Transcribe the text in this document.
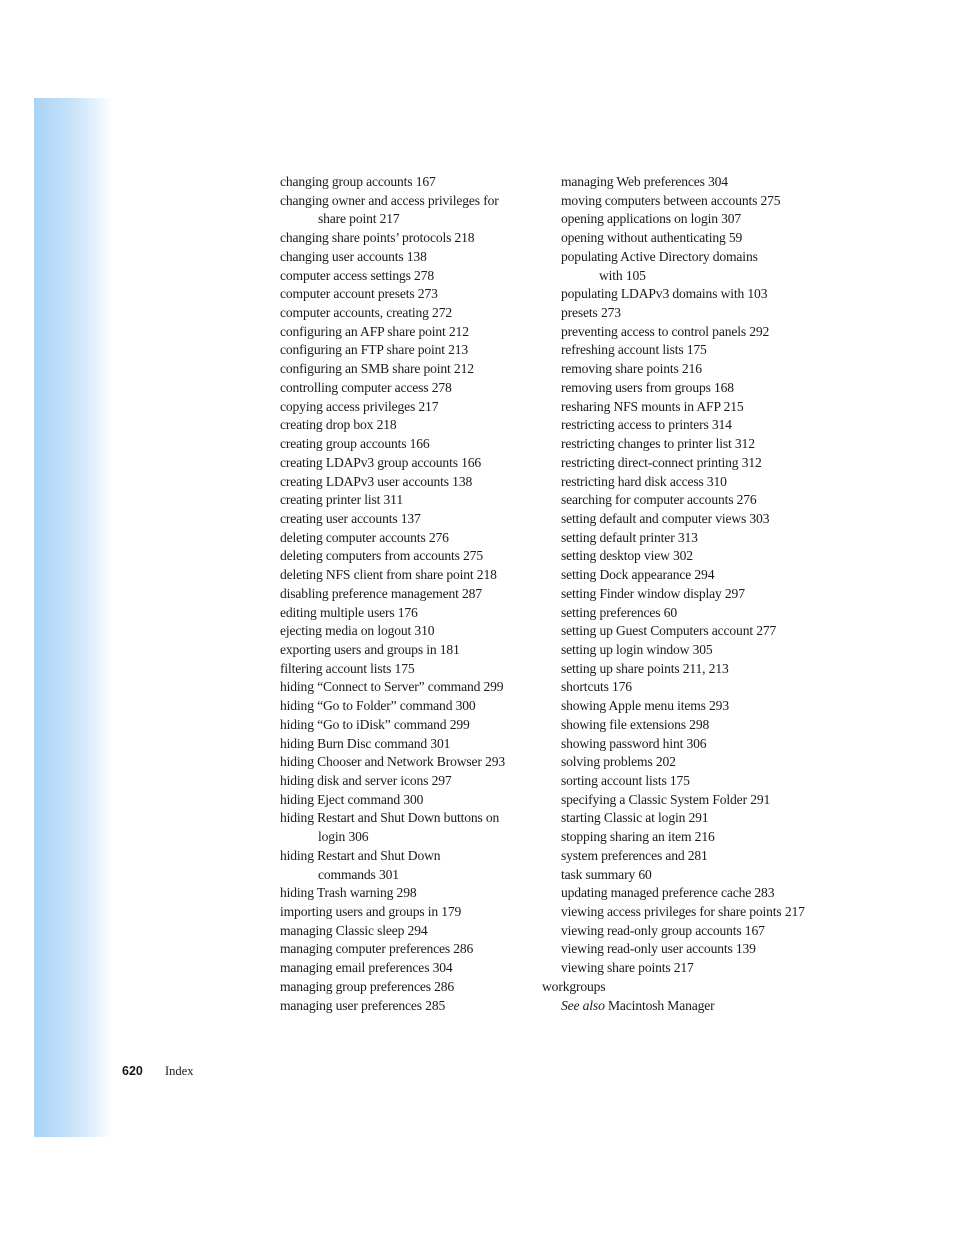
changing group accounts 167
changing owner and access privileges for
share point 217
changing share points’ protocols 218
changing user accounts 138
computer access settings 278
computer account presets 273
computer accounts, creating 272
configuring an AFP share point 212
configuring an FTP share point 213
configuring an SMB share point 212
controlling computer access 278
copying access privileges 217
creating drop box 218
creating group accounts 166
creating LDAPv3 group accounts 166
creating LDAPv3 user accounts 138
creating printer list 311
creating user accounts 137
deleting computer accounts 276
deleting computers from accounts 275
deleting NFS client from share point 218
disabling preference management 287
editing multiple users 176
ejecting media on logout 310
exporting users and groups in 181
filtering account lists 175
hiding “Connect to Server” command 299
hiding “Go to Folder” command 300
hiding “Go to iDisk” command 299
hiding Burn Disc command 301
hiding Chooser and Network Browser 293
hiding disk and server icons 297
hiding Eject command 300
hiding Restart and Shut Down buttons on
login 306
hiding Restart and Shut Down
commands 301
hiding Trash warning 298
importing users and groups in 179
managing Classic sleep 294
managing computer preferences 286
managing email preferences 304
managing group preferences 286
managing user preferences 285
managing Web preferences 304
moving computers between accounts 275
opening applications on login 307
opening without authenticating 59
populating Active Directory domains
with 105
populating LDAPv3 domains with 103
presets 273
preventing access to control panels 292
refreshing account lists 175
removing share points 216
removing users from groups 168
resharing NFS mounts in AFP 215
restricting access to printers 314
restricting changes to printer list 312
restricting direct-connect printing 312
restricting hard disk access 310
searching for computer accounts 276
setting default and computer views 303
setting default printer 313
setting desktop view 302
setting Dock appearance 294
setting Finder window display 297
setting preferences 60
setting up Guest Computers account 277
setting up login window 305
setting up share points 211, 213
shortcuts 176
showing Apple menu items 293
showing file extensions 298
showing password hint 306
solving problems 202
sorting account lists 175
specifying a Classic System Folder 291
starting Classic at login 291
stopping sharing an item 216
system preferences and 281
task summary 60
updating managed preference cache 283
viewing access privileges for share points 217
viewing read-only group accounts 167
viewing read-only user accounts 139
viewing share points 217
workgroups
See also Macintosh Manager
620	Index
